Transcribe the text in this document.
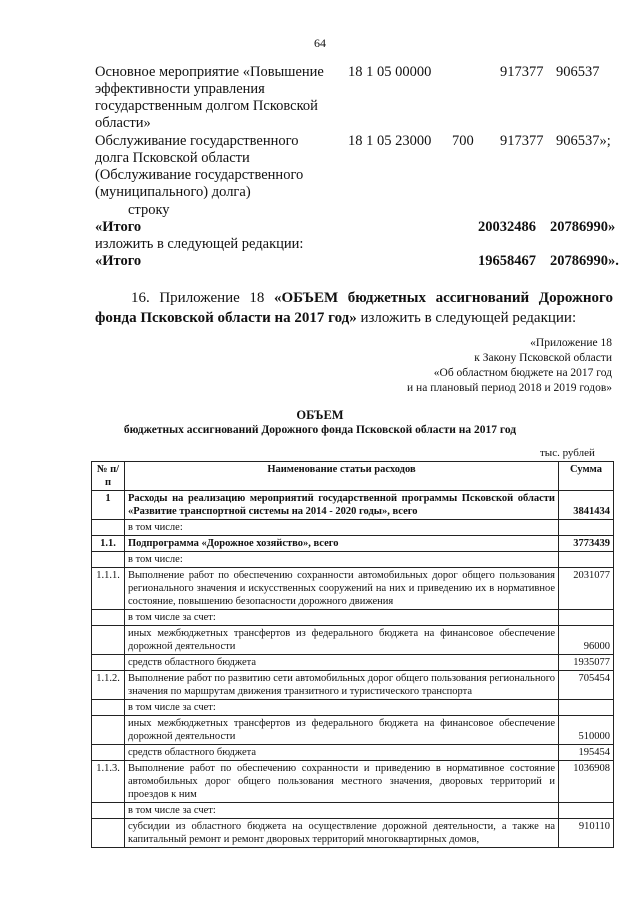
64
Основное мероприятие «Повышение
эффективности управления
государственным долгом Псковской
области»
18 1 05 00000	917377 906537
Обслуживание государственного
долга Псковской области
(Обслуживание государственного
(муниципального) долга)
18 1 05 23000 700 917377 906537»;
строку
«Итого	20032486 20786990»
изложить в следующей редакции:
«Итого	19658467 20786990».
16. Приложение 18 «ОБЪЕМ бюджетных ассигнований Дорожного фонда Псковской области на 2017 год» изложить в следующей редакции:
«Приложение 18
к Закону Псковской области
«Об областном бюджете на 2017 год
и на плановый период 2018 и 2019 годов»
ОБЪЕМ
бюджетных ассигнований Дорожного фонда Псковской области на 2017 год
тыс. рублей
№ п/п	Наименование статьи расходов	Сумма
1	Расходы на реализацию мероприятий государственной программы Псковской области «Развитие транспортной системы на 2014 - 2020 годы», всего	3841434
	в том числе:	
1.1.	Подпрограмма «Дорожное хозяйство», всего	3773439
	в том числе:	
1.1.1.	Выполнение работ по обеспечению сохранности автомобильных дорог общего пользования регионального значения и искусственных сооружений на них и приведению их в нормативное состояние, повышению безопасности дорожного движения	2031077
	в том числе за счет:	
	иных межбюджетных трансфертов из федерального бюджета на финансовое обеспечение дорожной деятельности	96000
	средств областного бюджета	1935077
1.1.2.	Выполнение работ по развитию сети автомобильных дорог общего пользования регионального значения по маршрутам движения транзитного и туристического транспорта	705454
	в том числе за счет:	
	иных межбюджетных трансфертов из федерального бюджета на финансовое обеспечение дорожной деятельности	510000
	средств областного бюджета	195454
1.1.3.	Выполнение работ по обеспечению сохранности и приведению в нормативное состояние автомобильных дорог общего пользования местного значения, дворовых территорий и проездов к ним	1036908
	в том числе за счет:	
	субсидии из областного бюджета на осуществление дорожной деятельности, а также на капитальный ремонт и ремонт дворовых территорий многоквартирных домов,	910110
